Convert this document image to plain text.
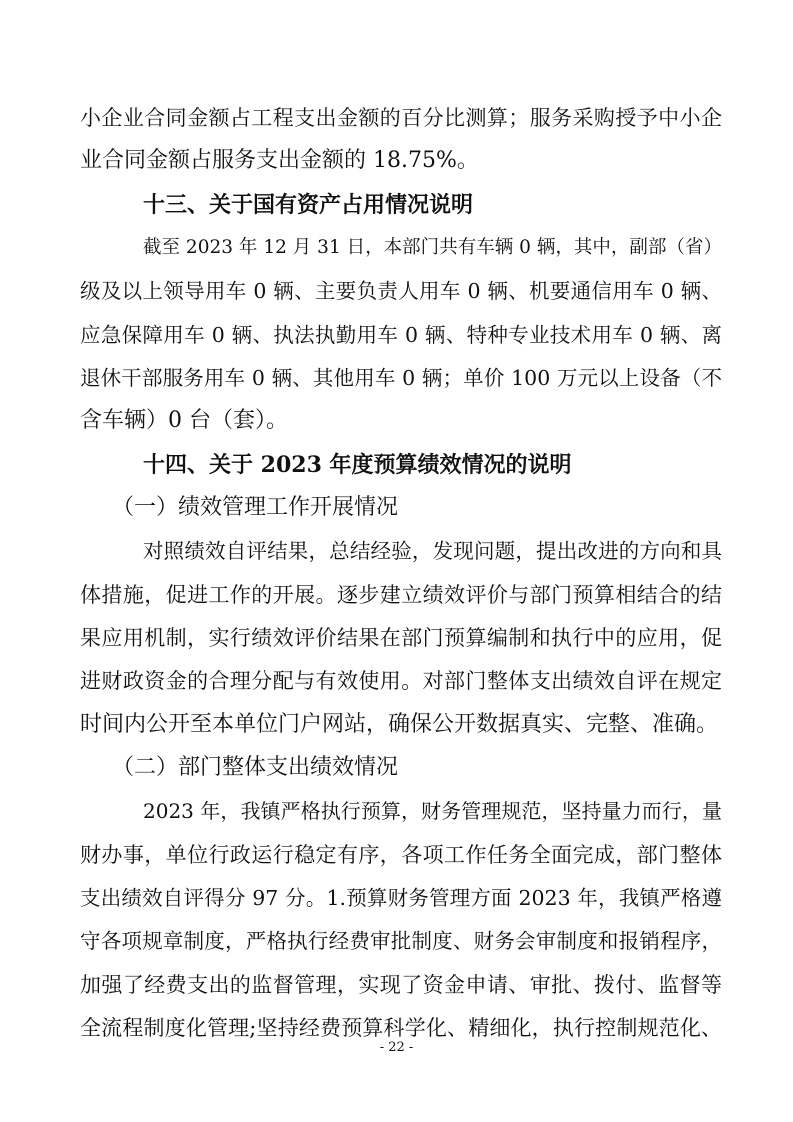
小企业合同金额占工程支出金额的百分比测算；服务采购授予中小企
业合同金额占服务支出金额的 18.75%。
十三、关于国有资产占用情况说明
截至 2023 年 12 月 31 日，本部门共有车辆 0 辆，其中，副部（省）
级及以上领导用车 0 辆、主要负责人用车 0 辆、机要通信用车 0 辆、
应急保障用车 0 辆、执法执勤用车 0 辆、特种专业技术用车 0 辆、离
退休干部服务用车 0 辆、其他用车 0 辆；单价 100 万元以上设备（不
含车辆）0 台（套）。
十四、关于 2023 年度预算绩效情况的说明
（一）绩效管理工作开展情况
对照绩效自评结果，总结经验，发现问题，提出改进的方向和具
体措施，促进工作的开展。逐步建立绩效评价与部门预算相结合的结
果应用机制，实行绩效评价结果在部门预算编制和执行中的应用，促
进财政资金的合理分配与有效使用。对部门整体支出绩效自评在规定
时间内公开至本单位门户网站，确保公开数据真实、完整、准确。
（二）部门整体支出绩效情况
2023 年，我镇严格执行预算，财务管理规范，坚持量力而行，量
财办事，单位行政运行稳定有序，各项工作任务全面完成，部门整体
支出绩效自评得分 97 分。1.预算财务管理方面 2023 年，我镇严格遵
守各项规章制度，严格执行经费审批制度、财务会审制度和报销程序，
加强了经费支出的监督管理，实现了资金申请、审批、拨付、监督等
全流程制度化管理;坚持经费预算科学化、精细化，执行控制规范化、
- 22 -
